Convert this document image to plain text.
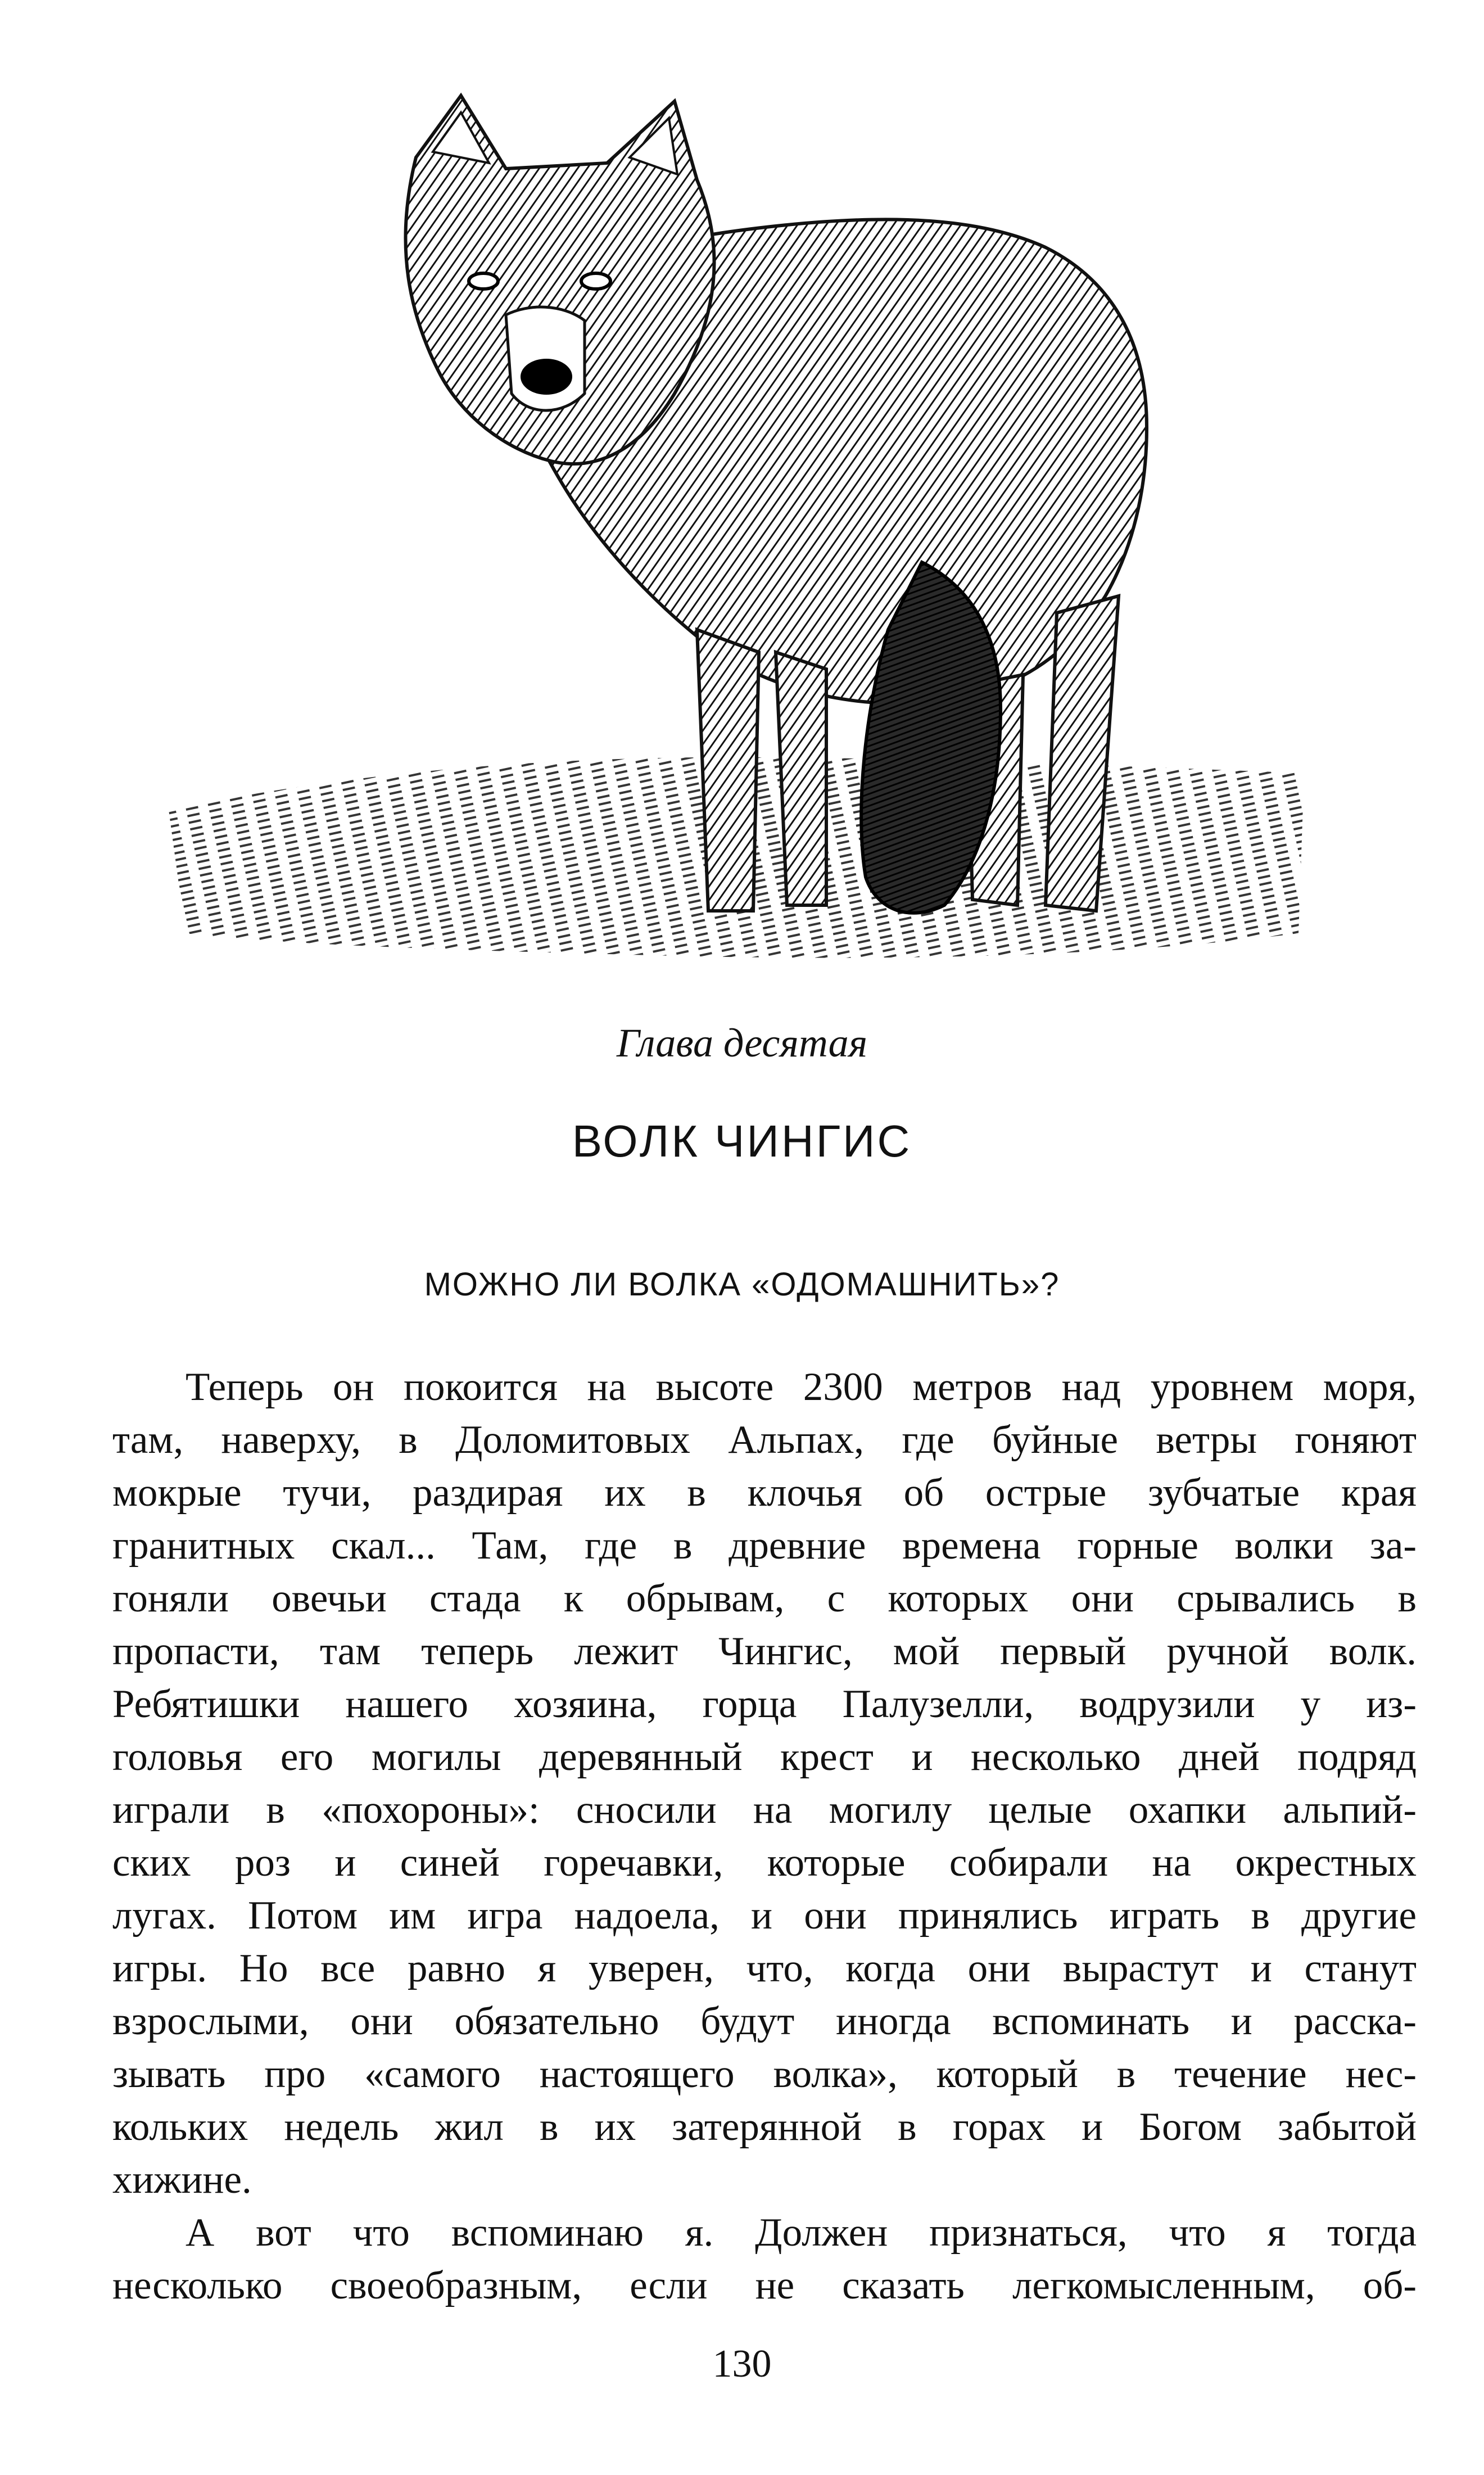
Глава десятая
ВОЛК ЧИНГИС
МОЖНО ЛИ ВОЛКА «ОДОМАШНИТЬ»?
Теперь он покоится на высоте 2300 метров над уровнем моря,
там, наверху, в Доломитовых Альпах, где буйные ветры гоняют
мокрые тучи, раздирая их в клочья об острые зубчатые края
гранитных скал... Там, где в древние времена горные волки за-
гоняли овечьи стада к обрывам, с которых они срывались в
пропасти, там теперь лежит Чингис, мой первый ручной волк.
Ребятишки нашего хозяина, горца Палузелли, водрузили у из-
головья его могилы деревянный крест и несколько дней подряд
играли в «похороны»: сносили на могилу целые охапки альпий-
ских роз и синей горечавки, которые собирали на окрестных
лугах. Потом им игра надоела, и они принялись играть в другие
игры. Но все равно я уверен, что, когда они вырастут и станут
взрослыми, они обязательно будут иногда вспоминать и расска-
зывать про «самого настоящего волка», который в течение нес-
кольких недель жил в их затерянной в горах и Богом забытой
хижине.
А вот что вспоминаю я. Должен признаться, что я тогда
несколько своеобразным, если не сказать легкомысленным, об-
130
